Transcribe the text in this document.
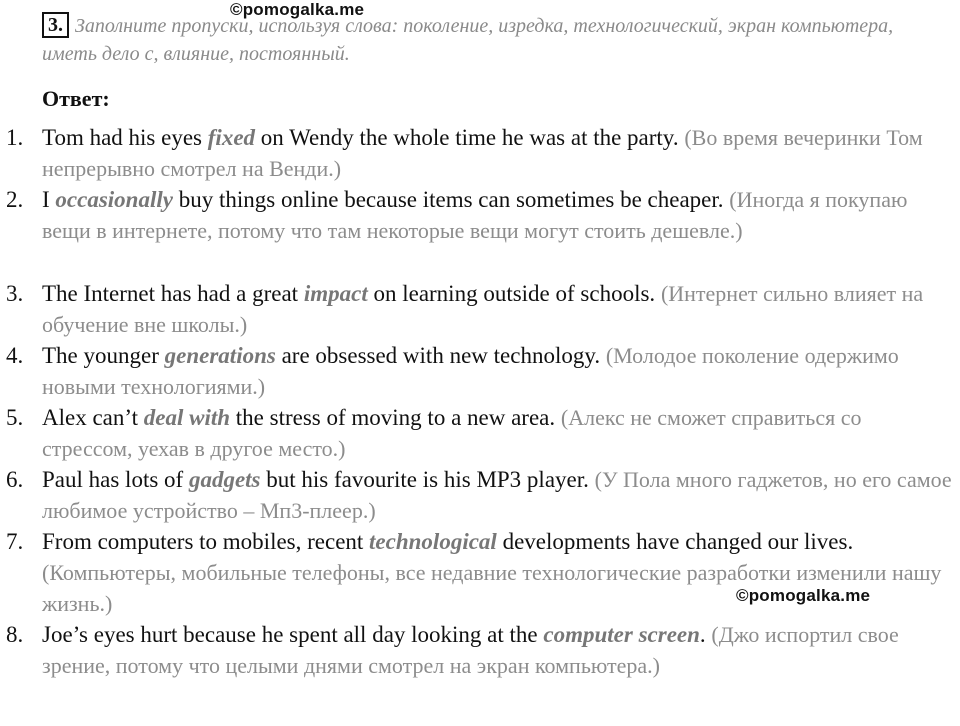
©pomogalka.me
3. Заполните пропуски, используя слова: поколение, изредка, технологический, экран компьютера, иметь дело с, влияние, постоянный.
Ответ:
1. Tom had his eyes fixed on Wendy the whole time he was at the party. (Во время вечеринки Том непрерывно смотрел на Венди.)
2. I occasionally buy things online because items can sometimes be cheaper. (Иногда я покупаю вещи в интернете, потому что там некоторые вещи могут стоить дешевле.)
3. The Internet has had a great impact on learning outside of schools. (Интернет сильно влияет на обучение вне школы.)
4. The younger generations are obsessed with new technology. (Молодое поколение одержимо новыми технологиями.)
5. Alex can’t deal with the stress of moving to a new area. (Алекс не сможет справиться со стрессом, уехав в другое место.)
6. Paul has lots of gadgets but his favourite is his MP3 player. (У Пола много гаджетов, но его самое любимое устройство – Мп3-плеер.)
7. From computers to mobiles, recent technological developments have changed our lives. (Компьютеры, мобильные телефоны, все недавние технологические разработки изменили нашу жизнь.)
8. Joe’s eyes hurt because he spent all day looking at the computer screen. (Джо испортил свое зрение, потому что целыми днями смотрел на экран компьютера.)
©pomogalka.me
